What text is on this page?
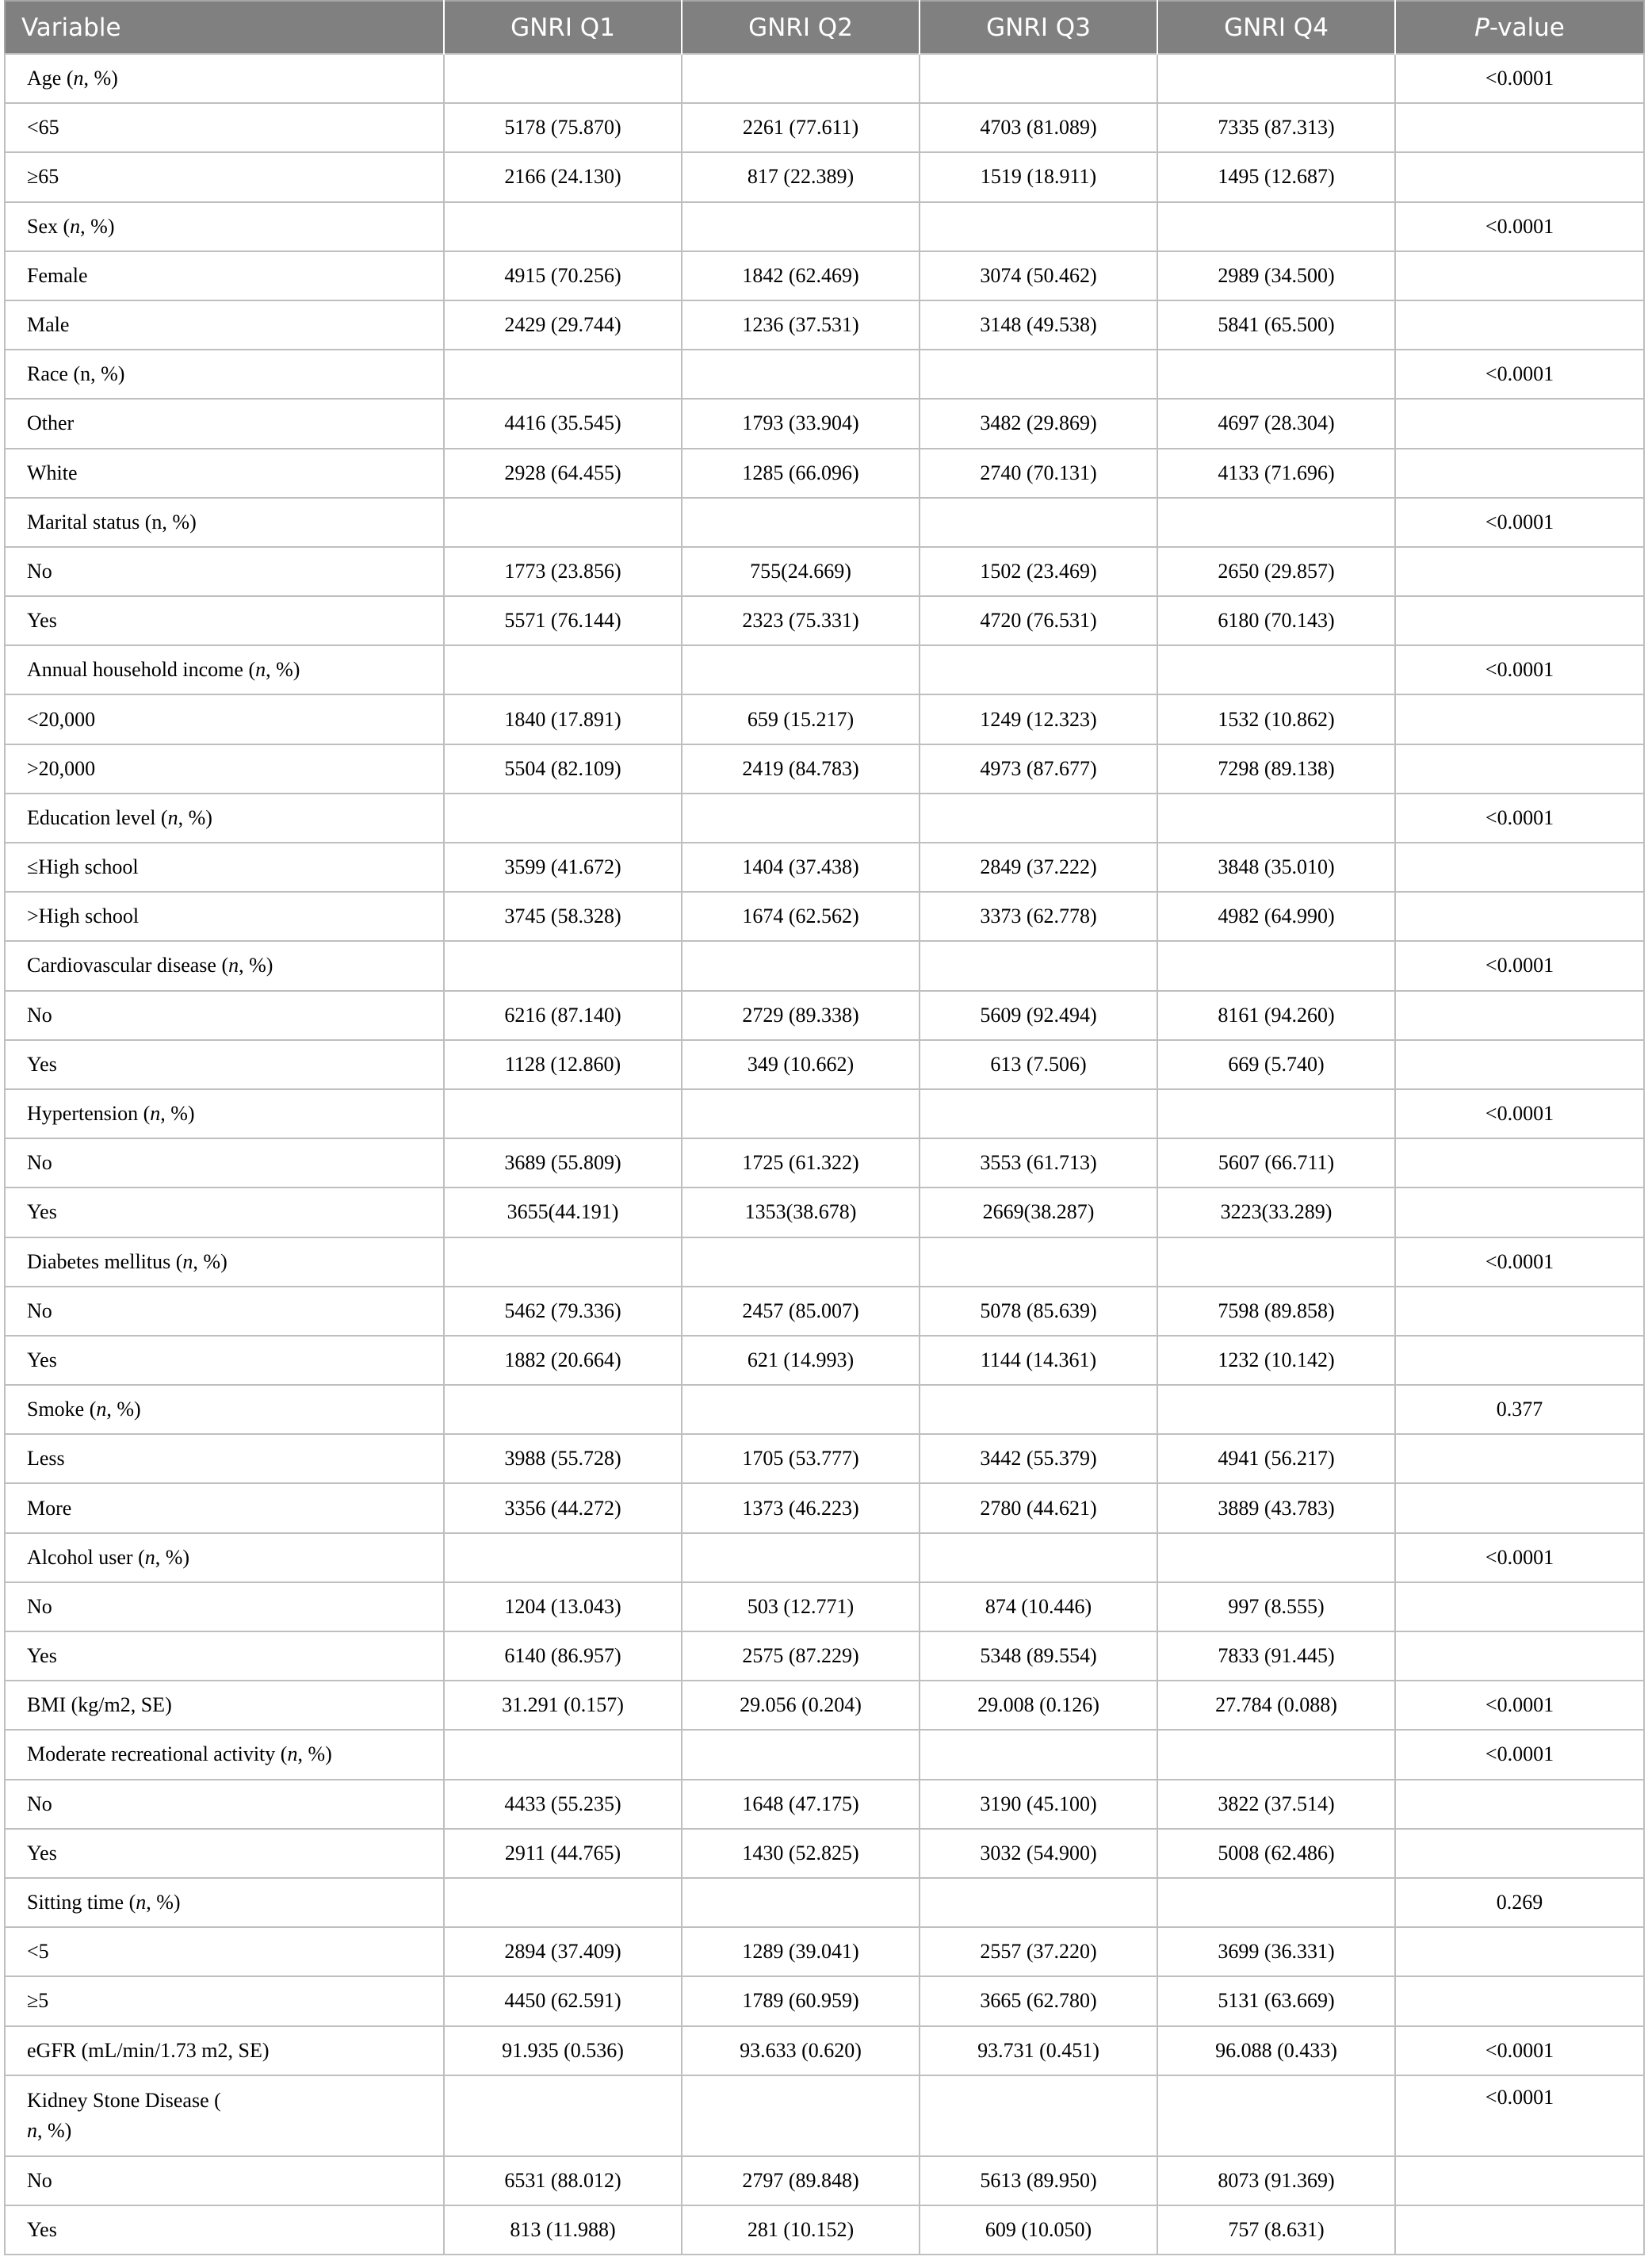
Variable	GNRI Q1	GNRI Q2	GNRI Q3	GNRI Q4	P-value
Age (n, %)					<0.0001
<65	5178 (75.870)	2261 (77.611)	4703 (81.089)	7335 (87.313)	
≥65	2166 (24.130)	817 (22.389)	1519 (18.911)	1495 (12.687)	
Sex (n, %)					<0.0001
Female	4915 (70.256)	1842 (62.469)	3074 (50.462)	2989 (34.500)	
Male	2429 (29.744)	1236 (37.531)	3148 (49.538)	5841 (65.500)	
Race (n, %)					<0.0001
Other	4416 (35.545)	1793 (33.904)	3482 (29.869)	4697 (28.304)	
White	2928 (64.455)	1285 (66.096)	2740 (70.131)	4133 (71.696)	
Marital status (n, %)					<0.0001
No	1773 (23.856)	755(24.669)	1502 (23.469)	2650 (29.857)	
Yes	5571 (76.144)	2323 (75.331)	4720 (76.531)	6180 (70.143)	
Annual household income (n, %)					<0.0001
<20,000	1840 (17.891)	659 (15.217)	1249 (12.323)	1532 (10.862)	
>20,000	5504 (82.109)	2419 (84.783)	4973 (87.677)	7298 (89.138)	
Education level (n, %)					<0.0001
≤High school	3599 (41.672)	1404 (37.438)	2849 (37.222)	3848 (35.010)	
>High school	3745 (58.328)	1674 (62.562)	3373 (62.778)	4982 (64.990)	
Cardiovascular disease (n, %)					<0.0001
No	6216 (87.140)	2729 (89.338)	5609 (92.494)	8161 (94.260)	
Yes	1128 (12.860)	349 (10.662)	613 (7.506)	669 (5.740)	
Hypertension (n, %)					<0.0001
No	3689 (55.809)	1725 (61.322)	3553 (61.713)	5607 (66.711)	
Yes	3655(44.191)	1353(38.678)	2669(38.287)	3223(33.289)	
Diabetes mellitus (n, %)					<0.0001
No	5462 (79.336)	2457 (85.007)	5078 (85.639)	7598 (89.858)	
Yes	1882 (20.664)	621 (14.993)	1144 (14.361)	1232 (10.142)	
Smoke (n, %)					0.377
Less	3988 (55.728)	1705 (53.777)	3442 (55.379)	4941 (56.217)	
More	3356 (44.272)	1373 (46.223)	2780 (44.621)	3889 (43.783)	
Alcohol user (n, %)					<0.0001
No	1204 (13.043)	503 (12.771)	874 (10.446)	997 (8.555)	
Yes	6140 (86.957)	2575 (87.229)	5348 (89.554)	7833 (91.445)	
BMI (kg/m2, SE)	31.291 (0.157)	29.056 (0.204)	29.008 (0.126)	27.784 (0.088)	<0.0001
Moderate recreational activity (n, %)					<0.0001
No	4433 (55.235)	1648 (47.175)	3190 (45.100)	3822 (37.514)	
Yes	2911 (44.765)	1430 (52.825)	3032 (54.900)	5008 (62.486)	
Sitting time (n, %)					0.269
<5	2894 (37.409)	1289 (39.041)	2557 (37.220)	3699 (36.331)	
≥5	4450 (62.591)	1789 (60.959)	3665 (62.780)	5131 (63.669)	
eGFR (mL/min/1.73 m2, SE)	91.935 (0.536)	93.633 (0.620)	93.731 (0.451)	96.088 (0.433)	<0.0001
Kidney Stone Disease (
n, %)					<0.0001
No	6531 (88.012)	2797 (89.848)	5613 (89.950)	8073 (91.369)	
Yes	813 (11.988)	281 (10.152)	609 (10.050)	757 (8.631)	
